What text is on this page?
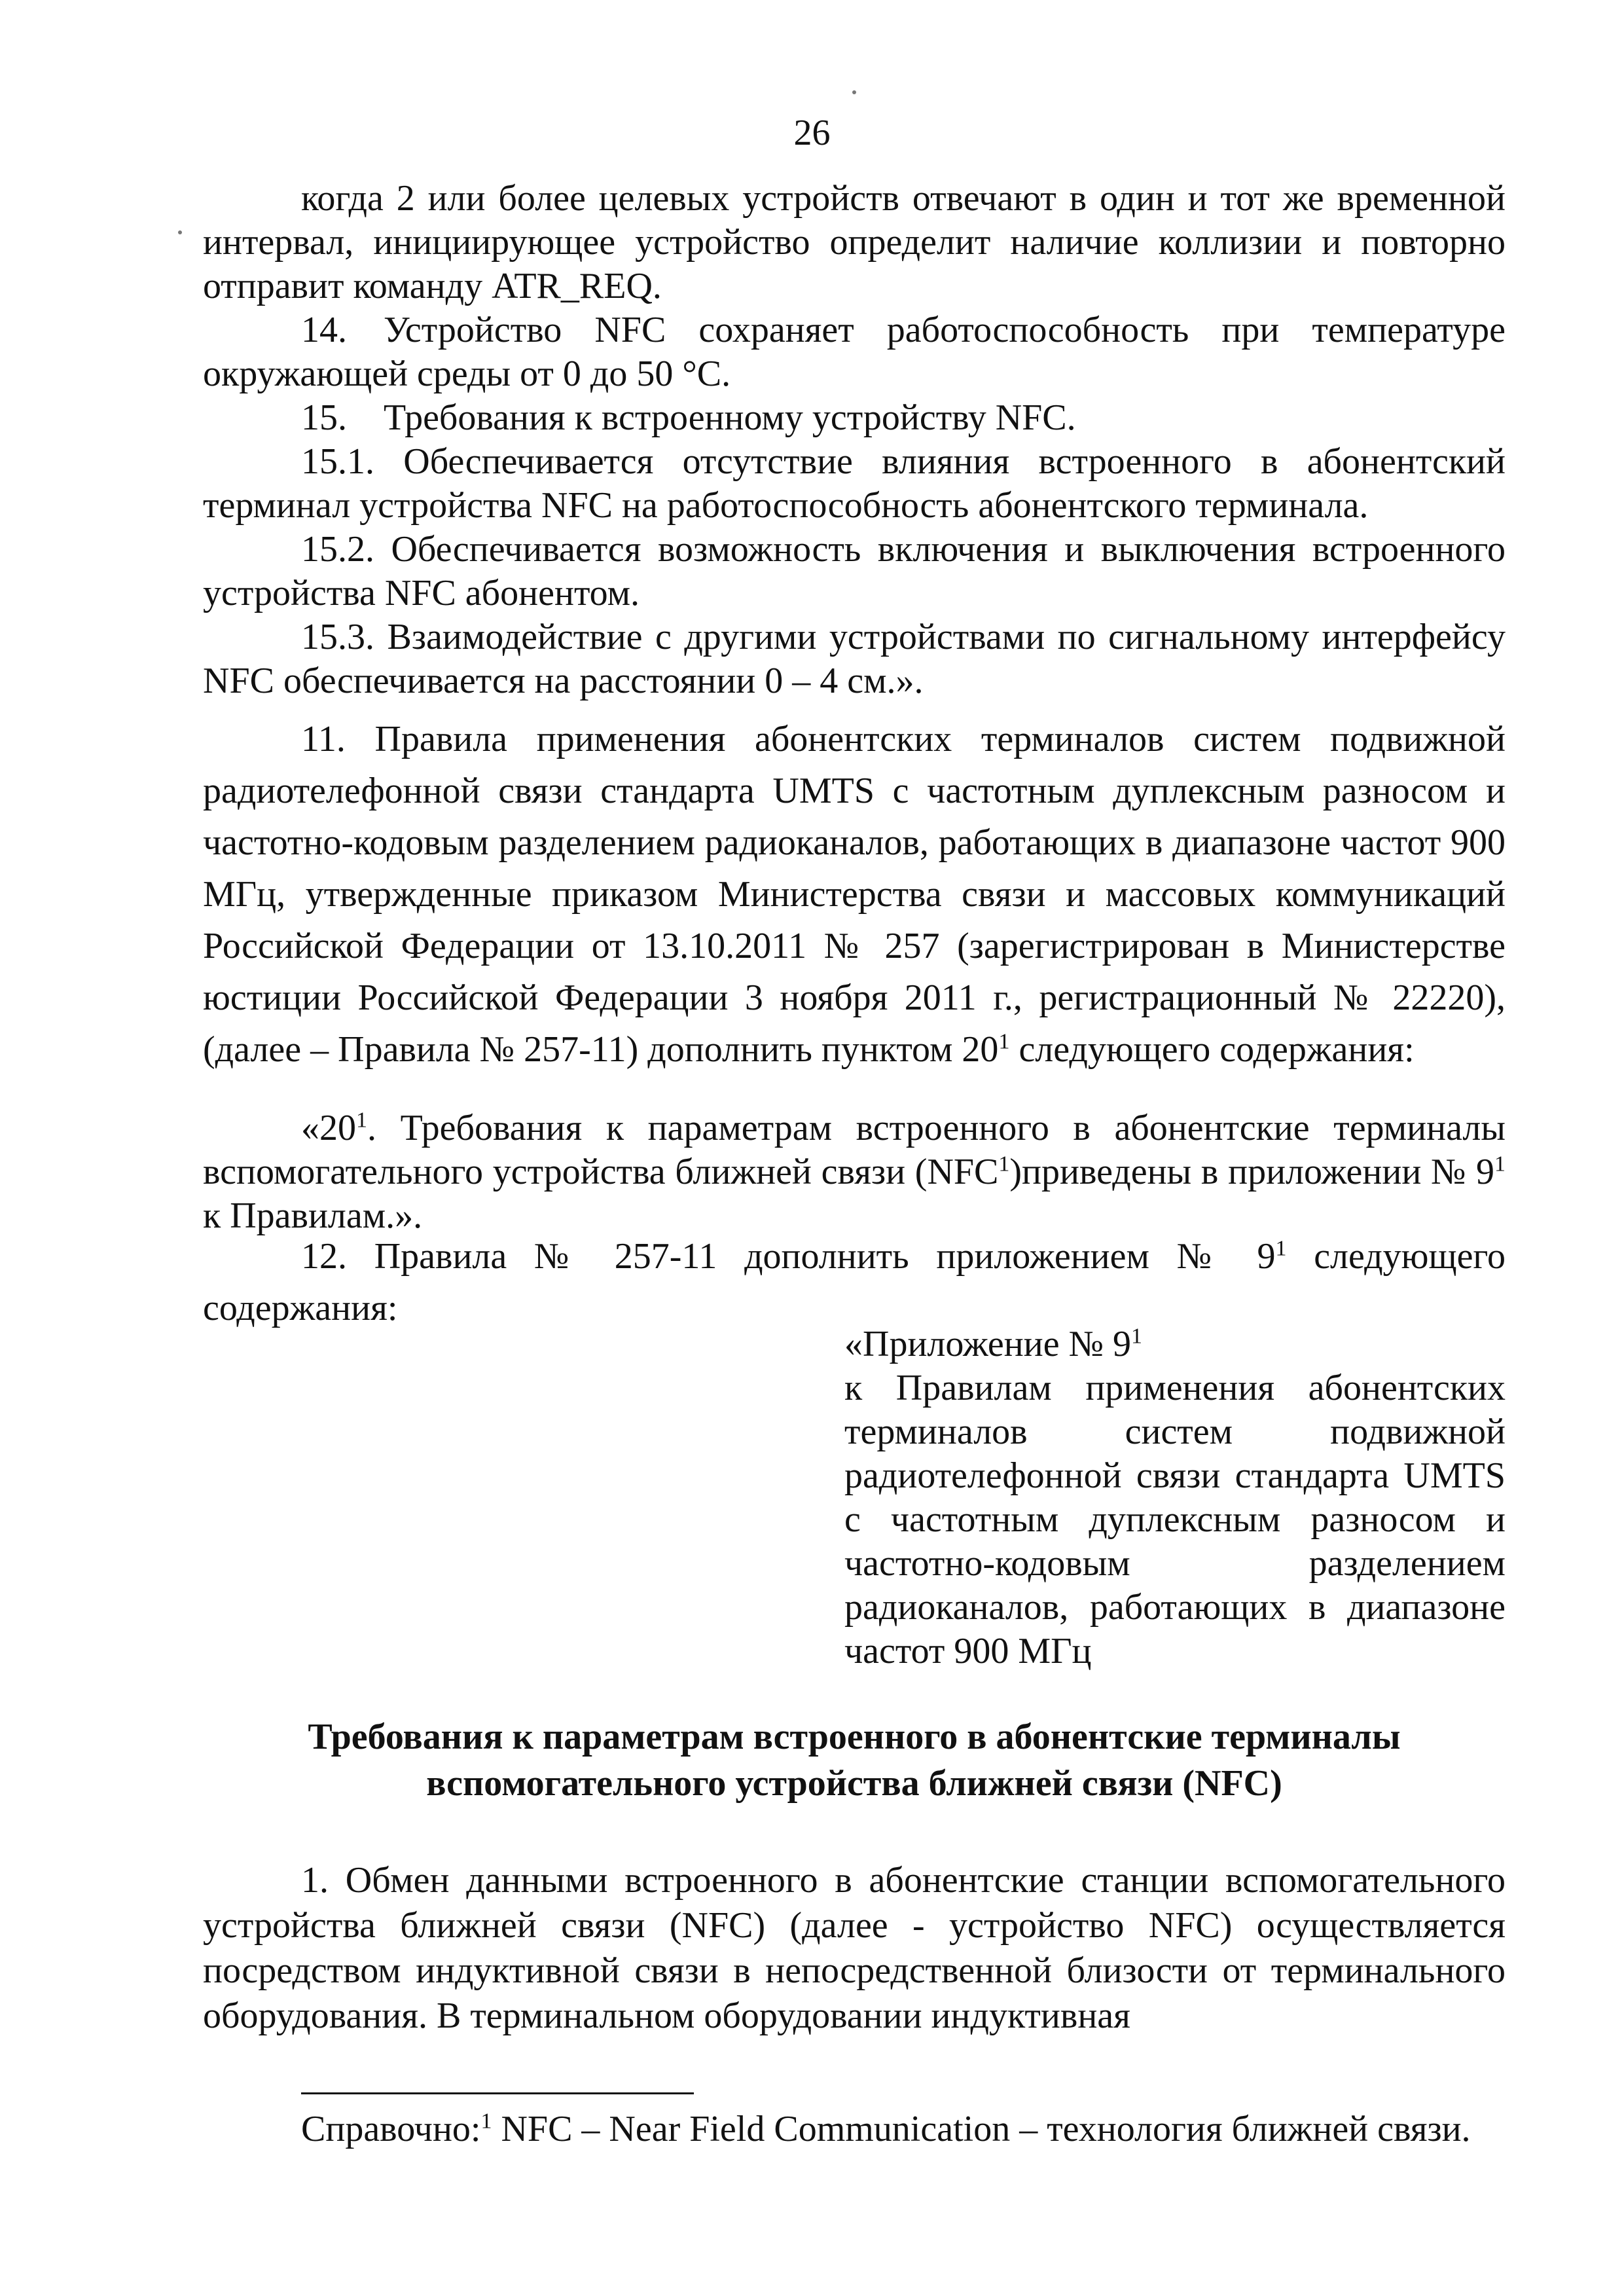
26

когда 2 или более целевых устройств отвечают в один и тот же временной интервал, инициирующее устройство определит наличие коллизии и повторно отправит команду ATR_REQ.

14. Устройство NFC сохраняет работоспособность при температуре окружающей среды от 0 до 50 °С.

15. Требования к встроенному устройству NFC.

15.1. Обеспечивается отсутствие влияния встроенного в абонентский терминал устройства NFC на работоспособность абонентского терминала.

15.2. Обеспечивается возможность включения и выключения встроенного устройства NFC абонентом.

15.3. Взаимодействие с другими устройствами по сигнальному интерфейсу NFC обеспечивается на расстоянии 0 – 4 см.».

11. Правила применения абонентских терминалов систем подвижной радиотелефонной связи стандарта UMTS с частотным дуплексным разносом и частотно-кодовым разделением радиоканалов, работающих в диапазоне частот 900 МГц, утвержденные приказом Министерства связи и массовых коммуникаций Российской Федерации от 13.10.2011 № 257 (зарегистрирован в Министерстве юстиции Российской Федерации 3 ноября 2011 г., регистрационный № 22220), (далее – Правила № 257-11) дополнить пунктом $20^1$ следующего содержания:

«$20^1$. Требования к параметрам встроенного в абонентские терминалы вспомогательного устройства ближней связи (NFC$^1$)приведены в приложении № $9^1$ к Правилам.».

12. Правила № 257-11 дополнить приложением № $9^1$ следующего содержания:

«Приложение № $9^1$

к Правилам применения абонентских терминалов систем подвижной радиотелефонной связи стандарта UMTS с частотным дуплексным разносом и частотно-кодовым разделением радиоканалов, работающих в диапазоне частот 900 МГц

Требования к параметрам встроенного в абонентские терминалы
вспомогательного устройства ближней связи (NFC)

1. Обмен данными встроенного в абонентские станции вспомогательного устройства ближней связи (NFC) (далее - устройство NFC) осуществляется посредством индуктивной связи в непосредственной близости от терминального оборудования. В терминальном оборудовании индуктивная

Справочно:$^1$ NFC – Near Field Communication – технология ближней связи.
